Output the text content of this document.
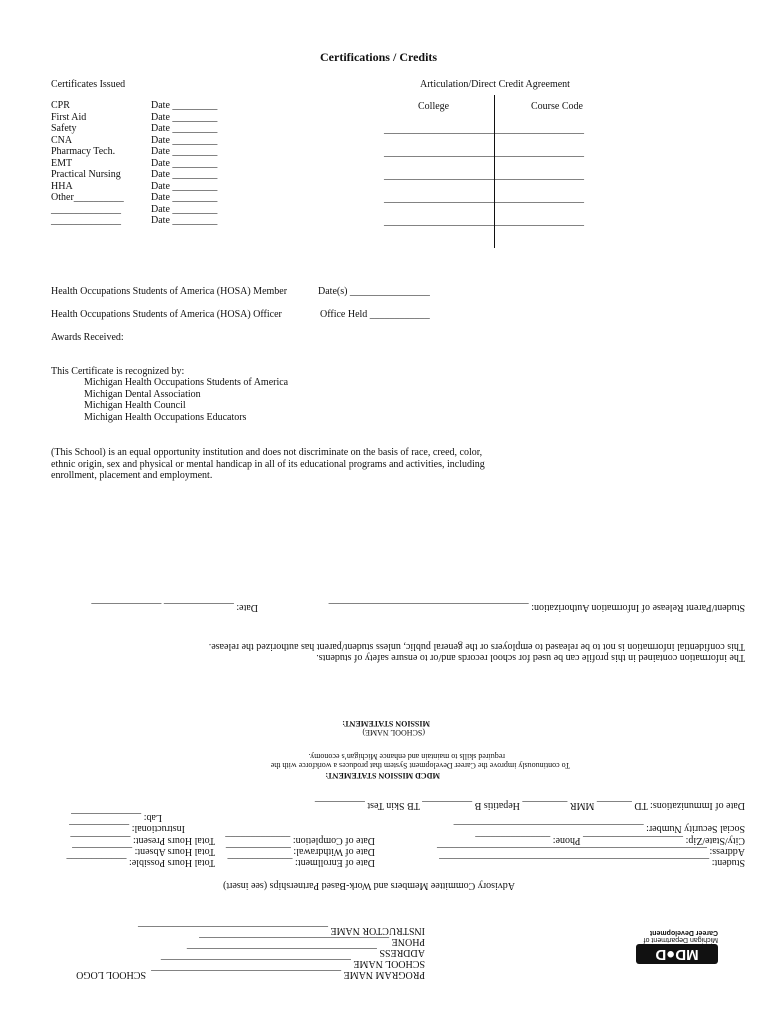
Certifications / Credits
Certificates Issued
CPR	Date _________
First Aid	Date _________
Safety	Date _________
CNA	Date _________
Pharmacy Tech.	Date _________
EMT	Date _________
Practical Nursing	Date _________
HHA	Date _________
Other__________	Date _________
______________	Date _________
______________	Date _________
Articulation/Direct Credit Agreement
College	Course Code
________________________________________
________________________________________
________________________________________
________________________________________
________________________________________
Health Occupations Students of America (HOSA) Member	Date(s) ________________
Health Occupations Students of America (HOSA) Officer	Office Held ____________
Awards Received:
This Certificate is recognized by:
Michigan Health Occupations Students of America
Michigan Dental Association
Michigan Health Council
Michigan Health Occupations Educators
(This School) is an equal opportunity institution and does not discriminate on the basis of race, creed, color,
ethnic origin, sex and physical or mental handicap in all of its educational programs and activities, including
enrollment, placement and employment.
MD●D
Michigan Department of
Career Development
SCHOOL LOGO	PROGRAM NAME ______________________________________
SCHOOL NAME ______________________________________
ADDRESS ______________________________________
PHONE ______________________________________
INSTRUCTOR NAME ______________________________________
Advisory Committee Members and Work-Based Partnerships (see insert)
Student: ______________________________________________________
Address: ______________________________________________________
City/State/Zip: ____________________ Phone: _______________
Social Security Number: ______________________________________
Date of Enrollment: _____________
Date of Withdrawal: _____________
Date of Completion: _____________
Total Hours Possible: ____________
Total Hours Absent: ____________
Total Hours Present: ____________
Instructional: ____________
Lab: ______________
Date of Immunizations: TD _______ MMR _________ Hepatitis B __________ TB Skin Test __________
MDCD MISSION STATEMENT:
To continuously improve the Career Development System that produces a workforce with the
required skills to maintain and enhance Michigan’s economy.
(SCHOOL NAME)
MISSION STATEMENT:
The information contained in this profile can be used for school records and/or to ensure safety of students.
This confidential information is not to be released to employers or the general public, unless student/parent has authorized the release.
Student/Parent Release of Information Authorization: ________________________________________
Date: ______________ ______________
